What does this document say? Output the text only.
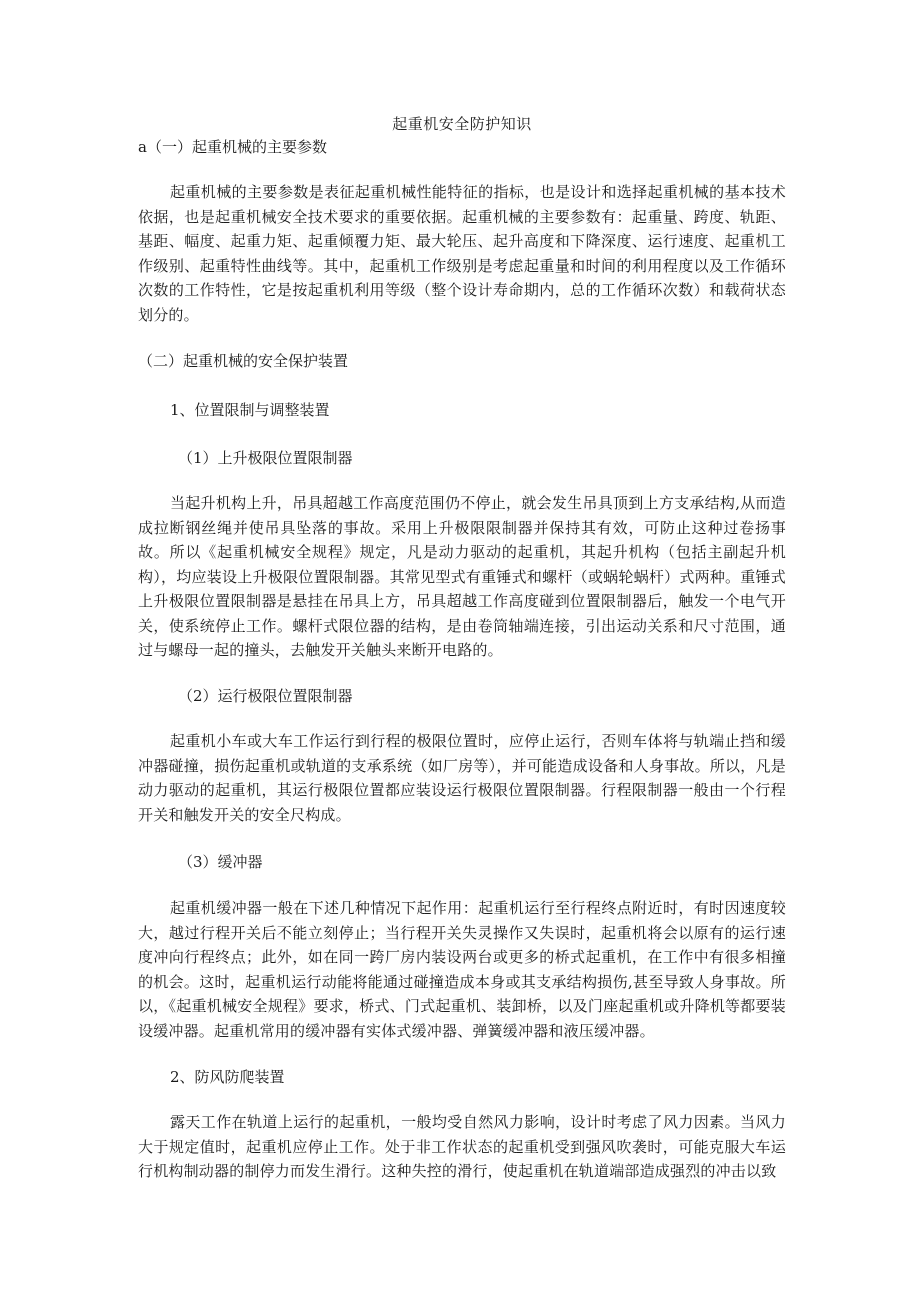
起重机安全防护知识
a（一）起重机械的主要参数
起重机械的主要参数是表征起重机械性能特征的指标，也是设计和选择起重机械的基本技术依据，也是起重机械安全技术要求的重要依据。起重机械的主要参数有：起重量、跨度、轨距、基距、幅度、起重力矩、起重倾覆力矩、最大轮压、起升高度和下降深度、运行速度、起重机工作级别、起重特性曲线等。其中，起重机工作级别是考虑起重量和时间的利用程度以及工作循环次数的工作特性，它是按起重机利用等级（整个设计寿命期内，总的工作循环次数）和载荷状态划分的。
（二）起重机械的安全保护装置
1、位置限制与调整装置
（1）上升极限位置限制器
当起升机构上升，吊具超越工作高度范围仍不停止，就会发生吊具顶到上方支承结构,从而造成拉断钢丝绳并使吊具坠落的事故。采用上升极限限制器并保持其有效，可防止这种过卷扬事故。所以《起重机械安全规程》规定，凡是动力驱动的起重机，其起升机构（包括主副起升机构），均应装设上升极限位置限制器。其常见型式有重锤式和螺杆（或蜗轮蜗杆）式两种。重锤式上升极限位置限制器是悬挂在吊具上方，吊具超越工作高度碰到位置限制器后，触发一个电气开关，使系统停止工作。螺杆式限位器的结构，是由卷筒轴端连接，引出运动关系和尺寸范围，通过与螺母一起的撞头，去触发开关触头来断开电路的。
（2）运行极限位置限制器
起重机小车或大车工作运行到行程的极限位置时，应停止运行，否则车体将与轨端止挡和缓冲器碰撞，损伤起重机或轨道的支承系统（如厂房等），并可能造成设备和人身事故。所以，凡是动力驱动的起重机，其运行极限位置都应装设运行极限位置限制器。行程限制器一般由一个行程开关和触发开关的安全尺构成。
（3）缓冲器
起重机缓冲器一般在下述几种情况下起作用：起重机运行至行程终点附近时，有时因速度较大，越过行程开关后不能立刻停止；当行程开关失灵操作又失误时，起重机将会以原有的运行速度冲向行程终点；此外，如在同一跨厂房内装设两台或更多的桥式起重机，在工作中有很多相撞的机会。这时，起重机运行动能将能通过碰撞造成本身或其支承结构损伤,甚至导致人身事故。所以，《起重机械安全规程》要求，桥式、门式起重机、装卸桥，以及门座起重机或升降机等都要装设缓冲器。起重机常用的缓冲器有实体式缓冲器、弹簧缓冲器和液压缓冲器。
2、防风防爬装置
露天工作在轨道上运行的起重机，一般均受自然风力影响，设计时考虑了风力因素。当风力大于规定值时，起重机应停止工作。处于非工作状态的起重机受到强风吹袭时，可能克服大车运行机构制动器的制停力而发生滑行。这种失控的滑行，使起重机在轨道端部造成强烈的冲击以致
